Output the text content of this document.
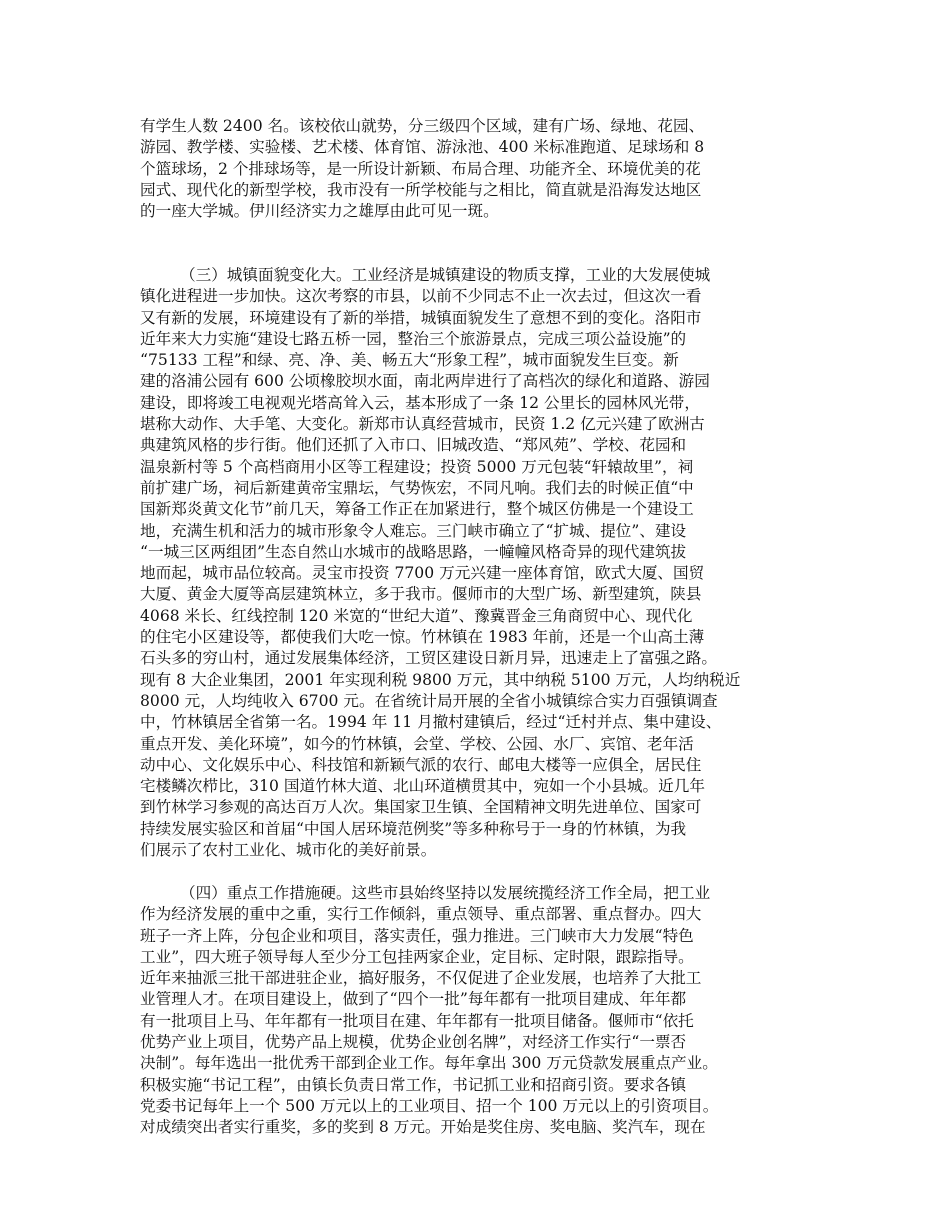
有学生人数 2400 名。该校依山就势，分三级四个区域，建有广场、绿地、花园、
游园、教学楼、实验楼、艺术楼、体育馆、游泳池、400 米标准跑道、足球场和 8
个篮球场，2 个排球场等，是一所设计新颖、布局合理、功能齐全、环境优美的花
园式、现代化的新型学校，我市没有一所学校能与之相比，简直就是沿海发达地区
的一座大学城。伊川经济实力之雄厚由此可见一斑。
（三）城镇面貌变化大。工业经济是城镇建设的物质支撑，工业的大发展使城
镇化进程进一步加快。这次考察的市县，以前不少同志不止一次去过，但这次一看
又有新的发展，环境建设有了新的举措，城镇面貌发生了意想不到的变化。洛阳市
近年来大力实施“建设七路五桥一园，整治三个旅游景点，完成三项公益设施”的
“75133 工程”和绿、亮、净、美、畅五大“形象工程”，城市面貌发生巨变。新
建的洛浦公园有 600 公顷橡胶坝水面，南北两岸进行了高档次的绿化和道路、游园
建设，即将竣工电视观光塔高耸入云，基本形成了一条 12 公里长的园林风光带，
堪称大动作、大手笔、大变化。新郑市认真经营城市，民资 1.2 亿元兴建了欧洲古
典建筑风格的步行街。他们还抓了入市口、旧城改造、“郑风苑”、学校、花园和
温泉新村等 5 个高档商用小区等工程建设；投资 5000 万元包装“轩辕故里”，祠
前扩建广场，祠后新建黄帝宝鼎坛，气势恢宏，不同凡响。我们去的时候正值“中
国新郑炎黄文化节”前几天，筹备工作正在加紧进行，整个城区仿佛是一个建设工
地，充满生机和活力的城市形象令人难忘。三门峡市确立了“扩城、提位”、建设
“一城三区两组团”生态自然山水城市的战略思路，一幢幢风格奇异的现代建筑拔
地而起，城市品位较高。灵宝市投资 7700 万元兴建一座体育馆，欧式大厦、国贸
大厦、黄金大厦等高层建筑林立，多于我市。偃师市的大型广场、新型建筑，陕县
4068 米长、红线控制 120 米宽的“世纪大道”、豫冀晋金三角商贸中心、现代化
的住宅小区建设等，都使我们大吃一惊。竹林镇在 1983 年前，还是一个山高土薄
石头多的穷山村，通过发展集体经济，工贸区建设日新月异，迅速走上了富强之路。
现有 8 大企业集团，2001 年实现利税 9800 万元，其中纳税 5100 万元，人均纳税近
8000 元，人均纯收入 6700 元。在省统计局开展的全省小城镇综合实力百强镇调查
中，竹林镇居全省第一名。1994 年 11 月撤村建镇后，经过“迁村并点、集中建设、
重点开发、美化环境”，如今的竹林镇，会堂、学校、公园、水厂、宾馆、老年活
动中心、文化娱乐中心、科技馆和新颖气派的农行、邮电大楼等一应俱全，居民住
宅楼鳞次栉比，310 国道竹林大道、北山环道横贯其中，宛如一个小县城。近几年
到竹林学习参观的高达百万人次。集国家卫生镇、全国精神文明先进单位、国家可
持续发展实验区和首届“中国人居环境范例奖”等多种称号于一身的竹林镇，为我
们展示了农村工业化、城市化的美好前景。
（四）重点工作措施硬。这些市县始终坚持以发展统揽经济工作全局，把工业
作为经济发展的重中之重，实行工作倾斜，重点领导、重点部署、重点督办。四大
班子一齐上阵，分包企业和项目，落实责任，强力推进。三门峡市大力发展“特色
工业”，四大班子领导每人至少分工包挂两家企业，定目标、定时限，跟踪指导。
近年来抽派三批干部进驻企业，搞好服务，不仅促进了企业发展，也培养了大批工
业管理人才。在项目建设上，做到了“四个一批”每年都有一批项目建成、年年都
有一批项目上马、年年都有一批项目在建、年年都有一批项目储备。偃师市“依托
优势产业上项目，优势产品上规模，优势企业创名牌”，对经济工作实行“一票否
决制”。每年选出一批优秀干部到企业工作。每年拿出 300 万元贷款发展重点产业。
积极实施“书记工程”，由镇长负责日常工作，书记抓工业和招商引资。要求各镇
党委书记每年上一个 500 万元以上的工业项目、招一个 100 万元以上的引资项目。
对成绩突出者实行重奖，多的奖到 8 万元。开始是奖住房、奖电脑、奖汽车，现在
